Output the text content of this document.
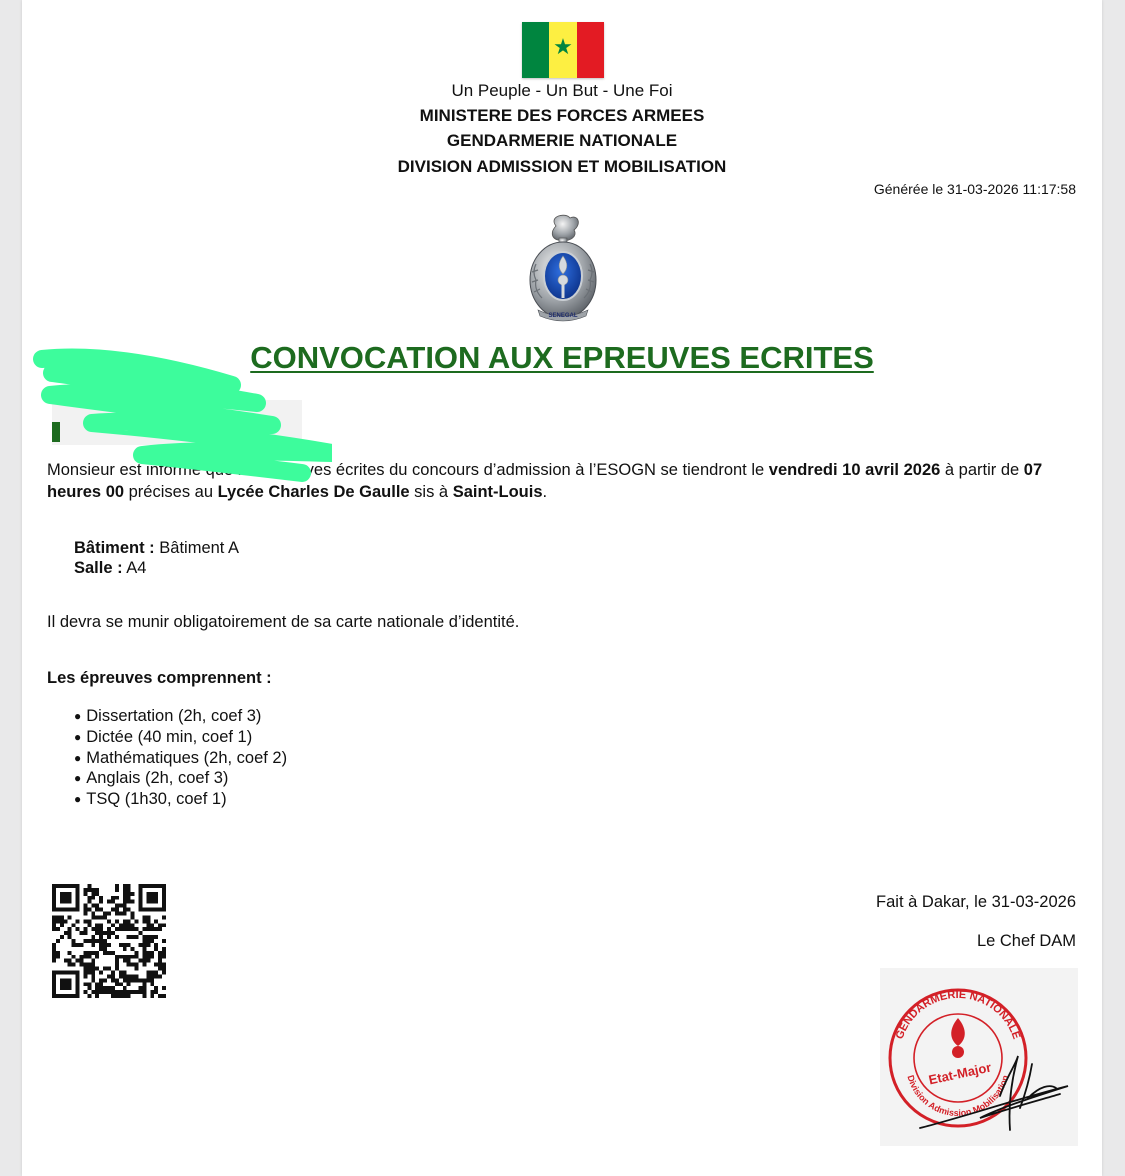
★
Un Peuple - Un But - Une Foi
MINISTERE DES FORCES ARMEES
GENDARMERIE NATIONALE
DIVISION ADMISSION ET MOBILISATION
Générée le 31-03-2026 11:17:58
SENEGAL
CONVOCATION AUX EPREUVES ECRITES
Monsieur est informé que les épreuves écrites du concours d’admission à l’ESOGN se tiendront le vendredi 10 avril 2026 à partir de 07 heures 00 précises au Lycée Charles De Gaulle sis à Saint-Louis.
Bâtiment : Bâtiment A
Salle : A4
Il devra se munir obligatoirement de sa carte nationale d’identité.
Les épreuves comprennent :
● Dissertation (2h, coef 3)
● Dictée (40 min, coef 1)
● Mathématiques (2h, coef 2)
● Anglais (2h, coef 3)
● TSQ (1h30, coef 1)
Fait à Dakar, le 31-03-2026
Le Chef DAM
GENDARMERIE NATIONALE
Division Admission Mobilisation
Etat-Major
